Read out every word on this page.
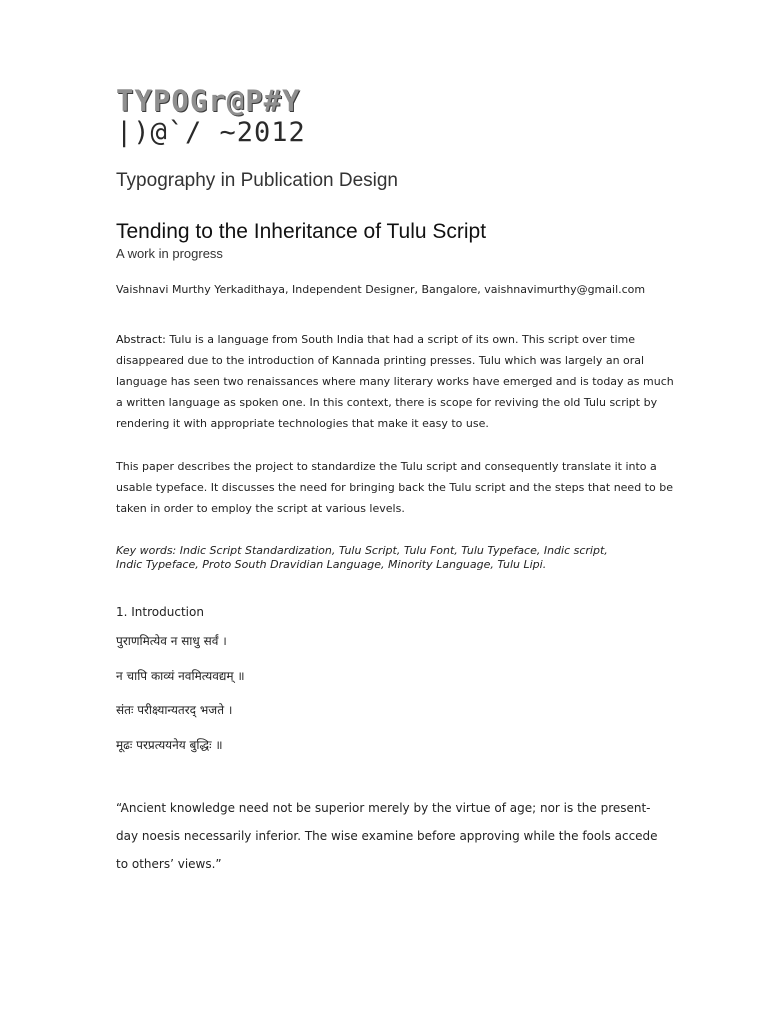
TYPOGr@P#Y
|)@`/ ~2012
Typography in Publication Design
Tending to the Inheritance of Tulu Script
A work in progress
Vaishnavi Murthy Yerkadithaya, Independent Designer, Bangalore, vaishnavimurthy@gmail.com

Abstract: Tulu is a language from South India that had a script of its own. This script over time

disappeared due to the introduction of Kannada printing presses. Tulu which was largely an oral

language has seen two renaissances where many literary works have emerged and is today as much

a written language as spoken one. In this context, there is scope for reviving the old Tulu script by

rendering it with appropriate technologies that make it easy to use.

This paper describes the project to standardize the Tulu script and consequently translate it into a

usable typeface. It discusses the need for bringing back the Tulu script and the steps that need to be

taken in order to employ the script at various levels.

Key words: Indic Script Standardization, Tulu Script, Tulu Font, Tulu Typeface, Indic script,

Indic Typeface, Proto South Dravidian Language, Minority Language, Tulu Lipi.

1. Introduction
पुराणमित्येव न साधु सर्वं ।
न चापि काव्यं नवमित्यवद्यम् ॥
संतः परीक्ष्यान्यतरद् भजते ।
मूढः परप्रत्ययनेय बुद्धिः ॥

“Ancient knowledge need not be superior merely by the virtue of age; nor is the present-

day noesis necessarily inferior. The wise examine before approving while the fools accede

to others’ views.”
